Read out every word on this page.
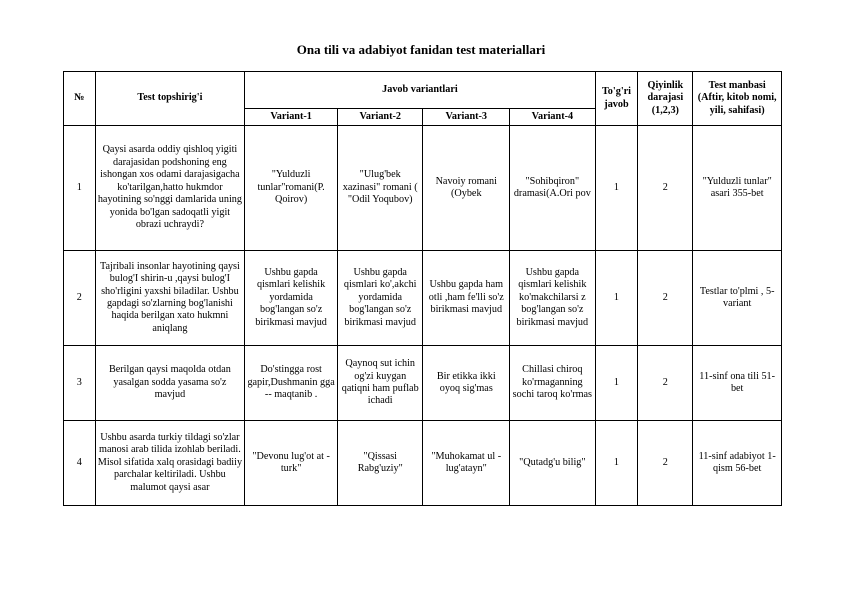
Ona tili va adabiyot fanidan test materiallari
№	Test topshirig'i	Javob variantlari				To'g'ri javob	Qiyinlik darajasi (1,2,3)	Test manbasi (Aftir, kitob nomi, yili, sahifasi)
		Variant-1	Variant-2	Variant-3	Variant-4			
1	Qaysi asarda oddiy qishloq yigiti darajasidan podshoning eng ishongan xos odami darajasigacha ko'tarilgan,hatto hukmdor hayotining so'nggi damlarida uning yonida bo'lgan sadoqatli yigit obrazi uchraydi?	"Yulduzli tunlar"romani(P. Qoirov)	"Ulug'bek xazinasi" romani ( "Odil Yoqubov)	Navoiy romani (Oybek	"Sohibqiron" dramasi(A.Ori pov	1	2	"Yulduzli tunlar" asari 355-bet
2	Tajribali insonlar hayotining qaysi bulog'I shirin-u ,qaysi bulog'I sho'rligini yaxshi biladilar. Ushbu gapdagi so'zlarning bog'lanishi haqida berilgan xato hukmni aniqlang	Ushbu gapda qismlari kelishik yordamida bog'langan so'z birikmasi mavjud	Ushbu gapda qismlari ko',akchi yordamida bog'langan so'z birikmasi mavjud	Ushbu gapda ham otli ,ham fe'lli so'z birikmasi mavjud	Ushbu gapda qismlari kelishik ko'makchilarsi z bog'langan so'z birikmasi mavjud	1	2	Testlar to'plmi , 5-variant
3	Berilgan qaysi maqolda otdan yasalgan sodda yasama so'z mavjud	Do'stingga rost gapir,Dushmanin gga -- maqtanib .	Qaynoq sut ichin og'zi kuygan qatiqni ham puflab ichadi	Bir etikka ikki oyoq sig'mas	Chillasi chiroq ko'rmaganning sochi taroq ko'rmas	1	2	11-sinf ona tili 51-bet
4	Ushbu asarda turkiy tildagi so'zlar manosi arab tilida izohlab beriladi. Misol sifatida xalq orasidagi badiiy parchalar keltiriladi. Ushbu malumot qaysi asar	"Devonu lug'ot at -turk"	"Qissasi Rabg'uziy"	"Muhokamat ul -lug'atayn"	"Qutadg'u bilig"	1	2	11-sinf adabiyot 1-qism 56-bet
